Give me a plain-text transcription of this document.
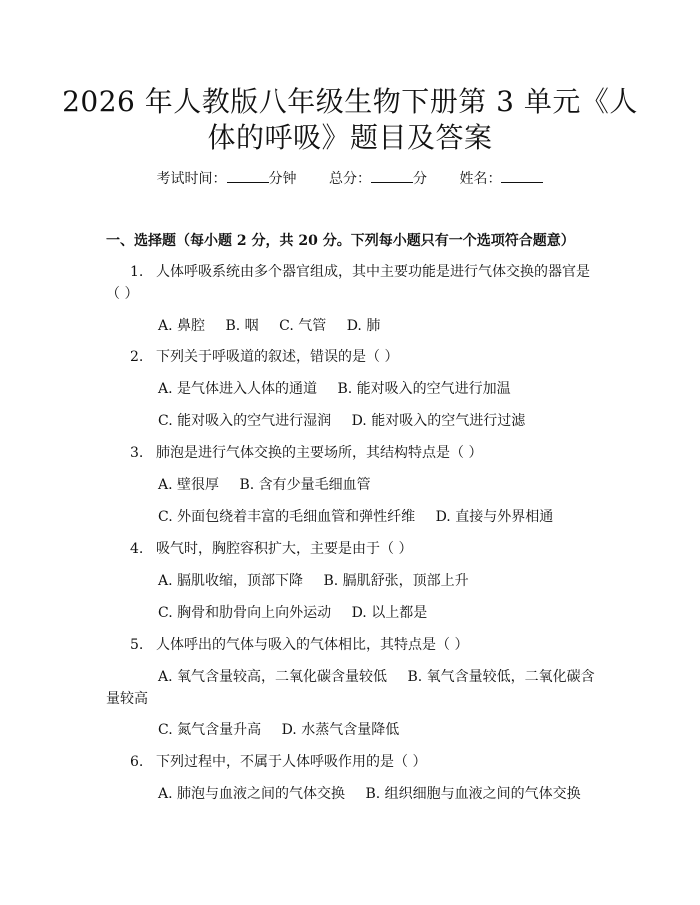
2026 年人教版八年级生物下册第 3 单元《人
体的呼吸》题目及答案
考试时间：	分钟 总分：	分 姓名：
一、选择题（每小题 2 分，共 20 分。下列每小题只有一个选项符合题意）
1. 人体呼吸系统由多个器官组成，其中主要功能是进行气体交换的器官是
（ ）
A. 鼻腔 B. 咽 C. 气管 D. 肺
2. 下列关于呼吸道的叙述，错误的是（ ）
A. 是气体进入人体的通道 B. 能对吸入的空气进行加温
C. 能对吸入的空气进行湿润 D. 能对吸入的空气进行过滤
3. 肺泡是进行气体交换的主要场所，其结构特点是（ ）
A. 壁很厚 B. 含有少量毛细血管
C. 外面包绕着丰富的毛细血管和弹性纤维 D. 直接与外界相通
4. 吸气时，胸腔容积扩大，主要是由于（ ）
A. 膈肌收缩，顶部下降 B. 膈肌舒张，顶部上升
C. 胸骨和肋骨向上向外运动 D. 以上都是
5. 人体呼出的气体与吸入的气体相比，其特点是（ ）
A. 氧气含量较高，二氧化碳含量较低 B. 氧气含量较低，二氧化碳含
量较高
C. 氮气含量升高 D. 水蒸气含量降低
6. 下列过程中，不属于人体呼吸作用的是（ ）
A. 肺泡与血液之间的气体交换 B. 组织细胞与血液之间的气体交换
